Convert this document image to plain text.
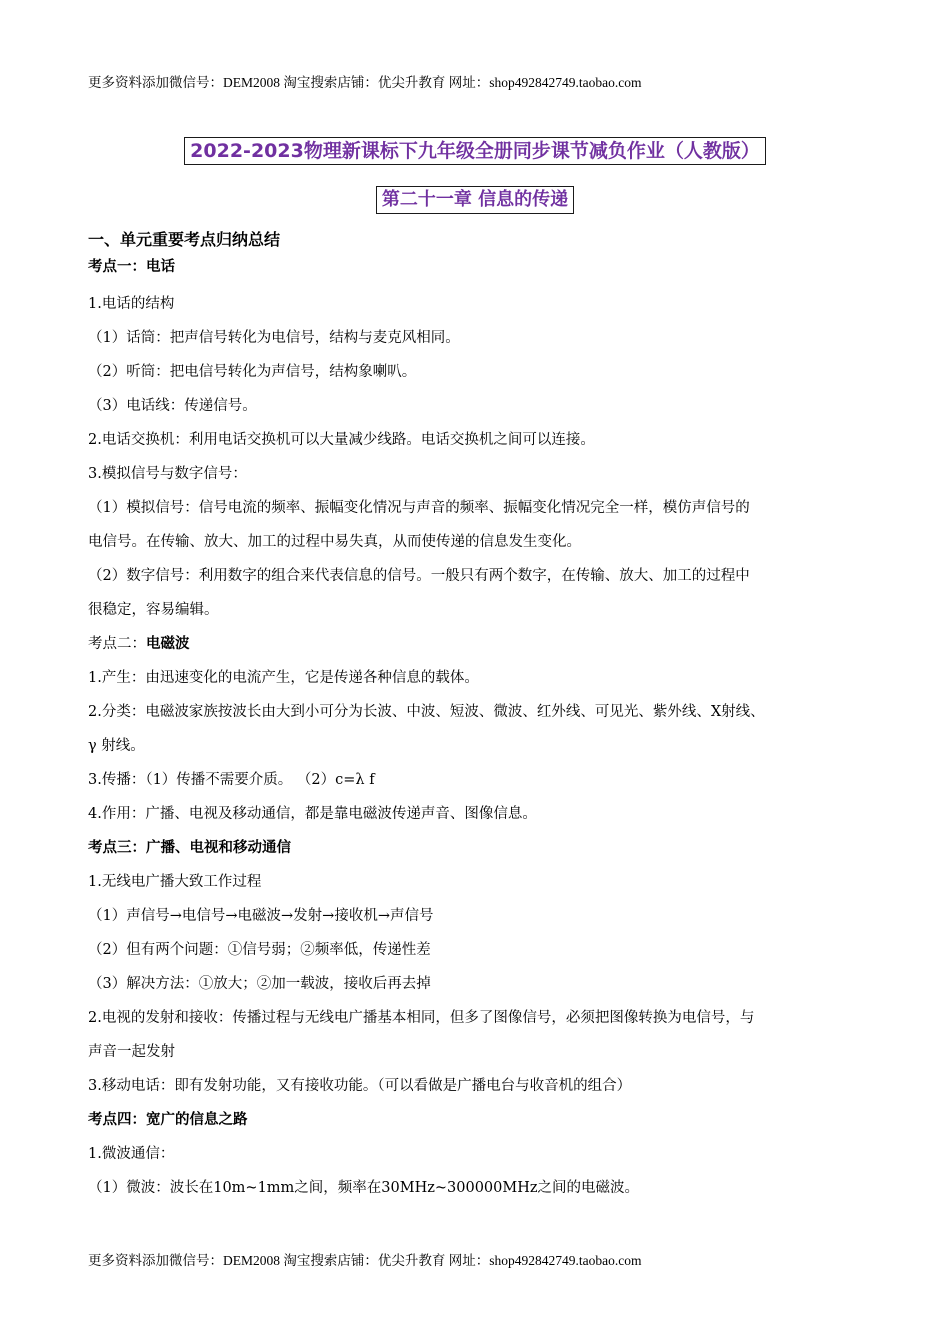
更多资料添加微信号：DEM2008 淘宝搜索店铺：优尖升教育 网址：shop492842749.taobao.com
2022-2023物理新课标下九年级全册同步课节减负作业（人教版）
第二十一章 信息的传递
一、单元重要考点归纳总结
考点一：电话
1.电话的结构
（1）话筒：把声信号转化为电信号，结构与麦克风相同。
（2）听筒：把电信号转化为声信号，结构象喇叭。
（3）电话线：传递信号。
2.电话交换机：利用电话交换机可以大量减少线路。电话交换机之间可以连接。
3.模拟信号与数字信号：
（1）模拟信号：信号电流的频率、振幅变化情况与声音的频率、振幅变化情况完全一样，模仿声信号的
电信号。在传输、放大、加工的过程中易失真，从而使传递的信息发生变化。
（2）数字信号：利用数字的组合来代表信息的信号。一般只有两个数字，在传输、放大、加工的过程中
很稳定，容易编辑。
考点二：电磁波
1.产生：由迅速变化的电流产生，它是传递各种信息的载体。
2.分类：电磁波家族按波长由大到小可分为长波、中波、短波、微波、红外线、可见光、紫外线、X射线、
γ 射线。
3.传播：（1）传播不需要介质。 （2）c=λ f
4.作用：广播、电视及移动通信，都是靠电磁波传递声音、图像信息。
考点三：广播、电视和移动通信
1.无线电广播大致工作过程
（1）声信号→电信号→电磁波→发射→接收机→声信号
（2）但有两个问题：①信号弱；②频率低，传递性差
（3）解决方法：①放大；②加一载波，接收后再去掉
2.电视的发射和接收：传播过程与无线电广播基本相同，但多了图像信号，必须把图像转换为电信号，与
声音一起发射
3.移动电话：即有发射功能，又有接收功能。（可以看做是广播电台与收音机的组合）
考点四：宽广的信息之路
1.微波通信：
（1）微波：波长在10m~1mm之间，频率在30MHz~300000MHz之间的电磁波。
更多资料添加微信号：DEM2008 淘宝搜索店铺：优尖升教育 网址：shop492842749.taobao.com
